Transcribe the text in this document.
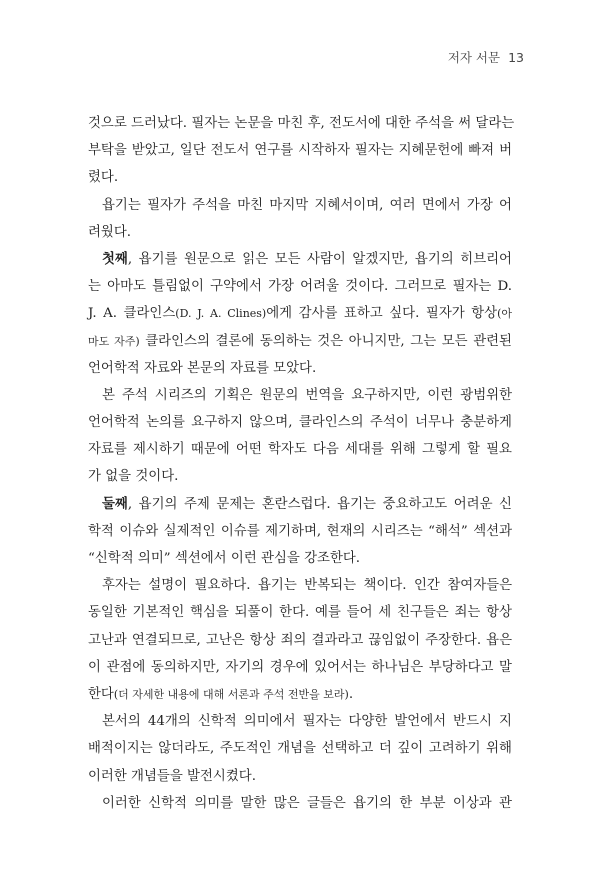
저자 서문 13
것으로 드러났다. 필자는 논문을 마친 후, 전도서에 대한 주석을 써 달라는
부탁을 받았고, 일단 전도서 연구를 시작하자 필자는 지혜문헌에 빠져 버
렸다.
욥기는 필자가 주석을 마친 마지막 지혜서이며, 여러 면에서 가장 어
려웠다.
첫째, 욥기를 원문으로 읽은 모든 사람이 알겠지만, 욥기의 히브리어
는 아마도 틀림없이 구약에서 가장 어려울 것이다. 그러므로 필자는 D.
J. A. 클라인스(D. J. A. Clines)에게 감사를 표하고 싶다. 필자가 항상(아
마도 자주) 클라인스의 결론에 동의하는 것은 아니지만, 그는 모든 관련된
언어학적 자료와 본문의 자료를 모았다.
본 주석 시리즈의 기획은 원문의 번역을 요구하지만, 이런 광범위한
언어학적 논의를 요구하지 않으며, 클라인스의 주석이 너무나 충분하게
자료를 제시하기 때문에 어떤 학자도 다음 세대를 위해 그렇게 할 필요
가 없을 것이다.
둘째, 욥기의 주제 문제는 혼란스럽다. 욥기는 중요하고도 어려운 신
학적 이슈와 실제적인 이슈를 제기하며, 현재의 시리즈는 “해석” 섹션과
“신학적 의미” 섹션에서 이런 관심을 강조한다.
후자는 설명이 필요하다. 욥기는 반복되는 책이다. 인간 참여자들은
동일한 기본적인 핵심을 되풀이 한다. 예를 들어 세 친구들은 죄는 항상
고난과 연결되므로, 고난은 항상 죄의 결과라고 끊임없이 주장한다. 욥은
이 관점에 동의하지만, 자기의 경우에 있어서는 하나님은 부당하다고 말
한다(더 자세한 내용에 대해 서론과 주석 전반을 보라).
본서의 44개의 신학적 의미에서 필자는 다양한 발언에서 반드시 지
배적이지는 않더라도, 주도적인 개념을 선택하고 더 깊이 고려하기 위해
이러한 개념들을 발전시켰다.
이러한 신학적 의미를 말한 많은 글들은 욥기의 한 부분 이상과 관
